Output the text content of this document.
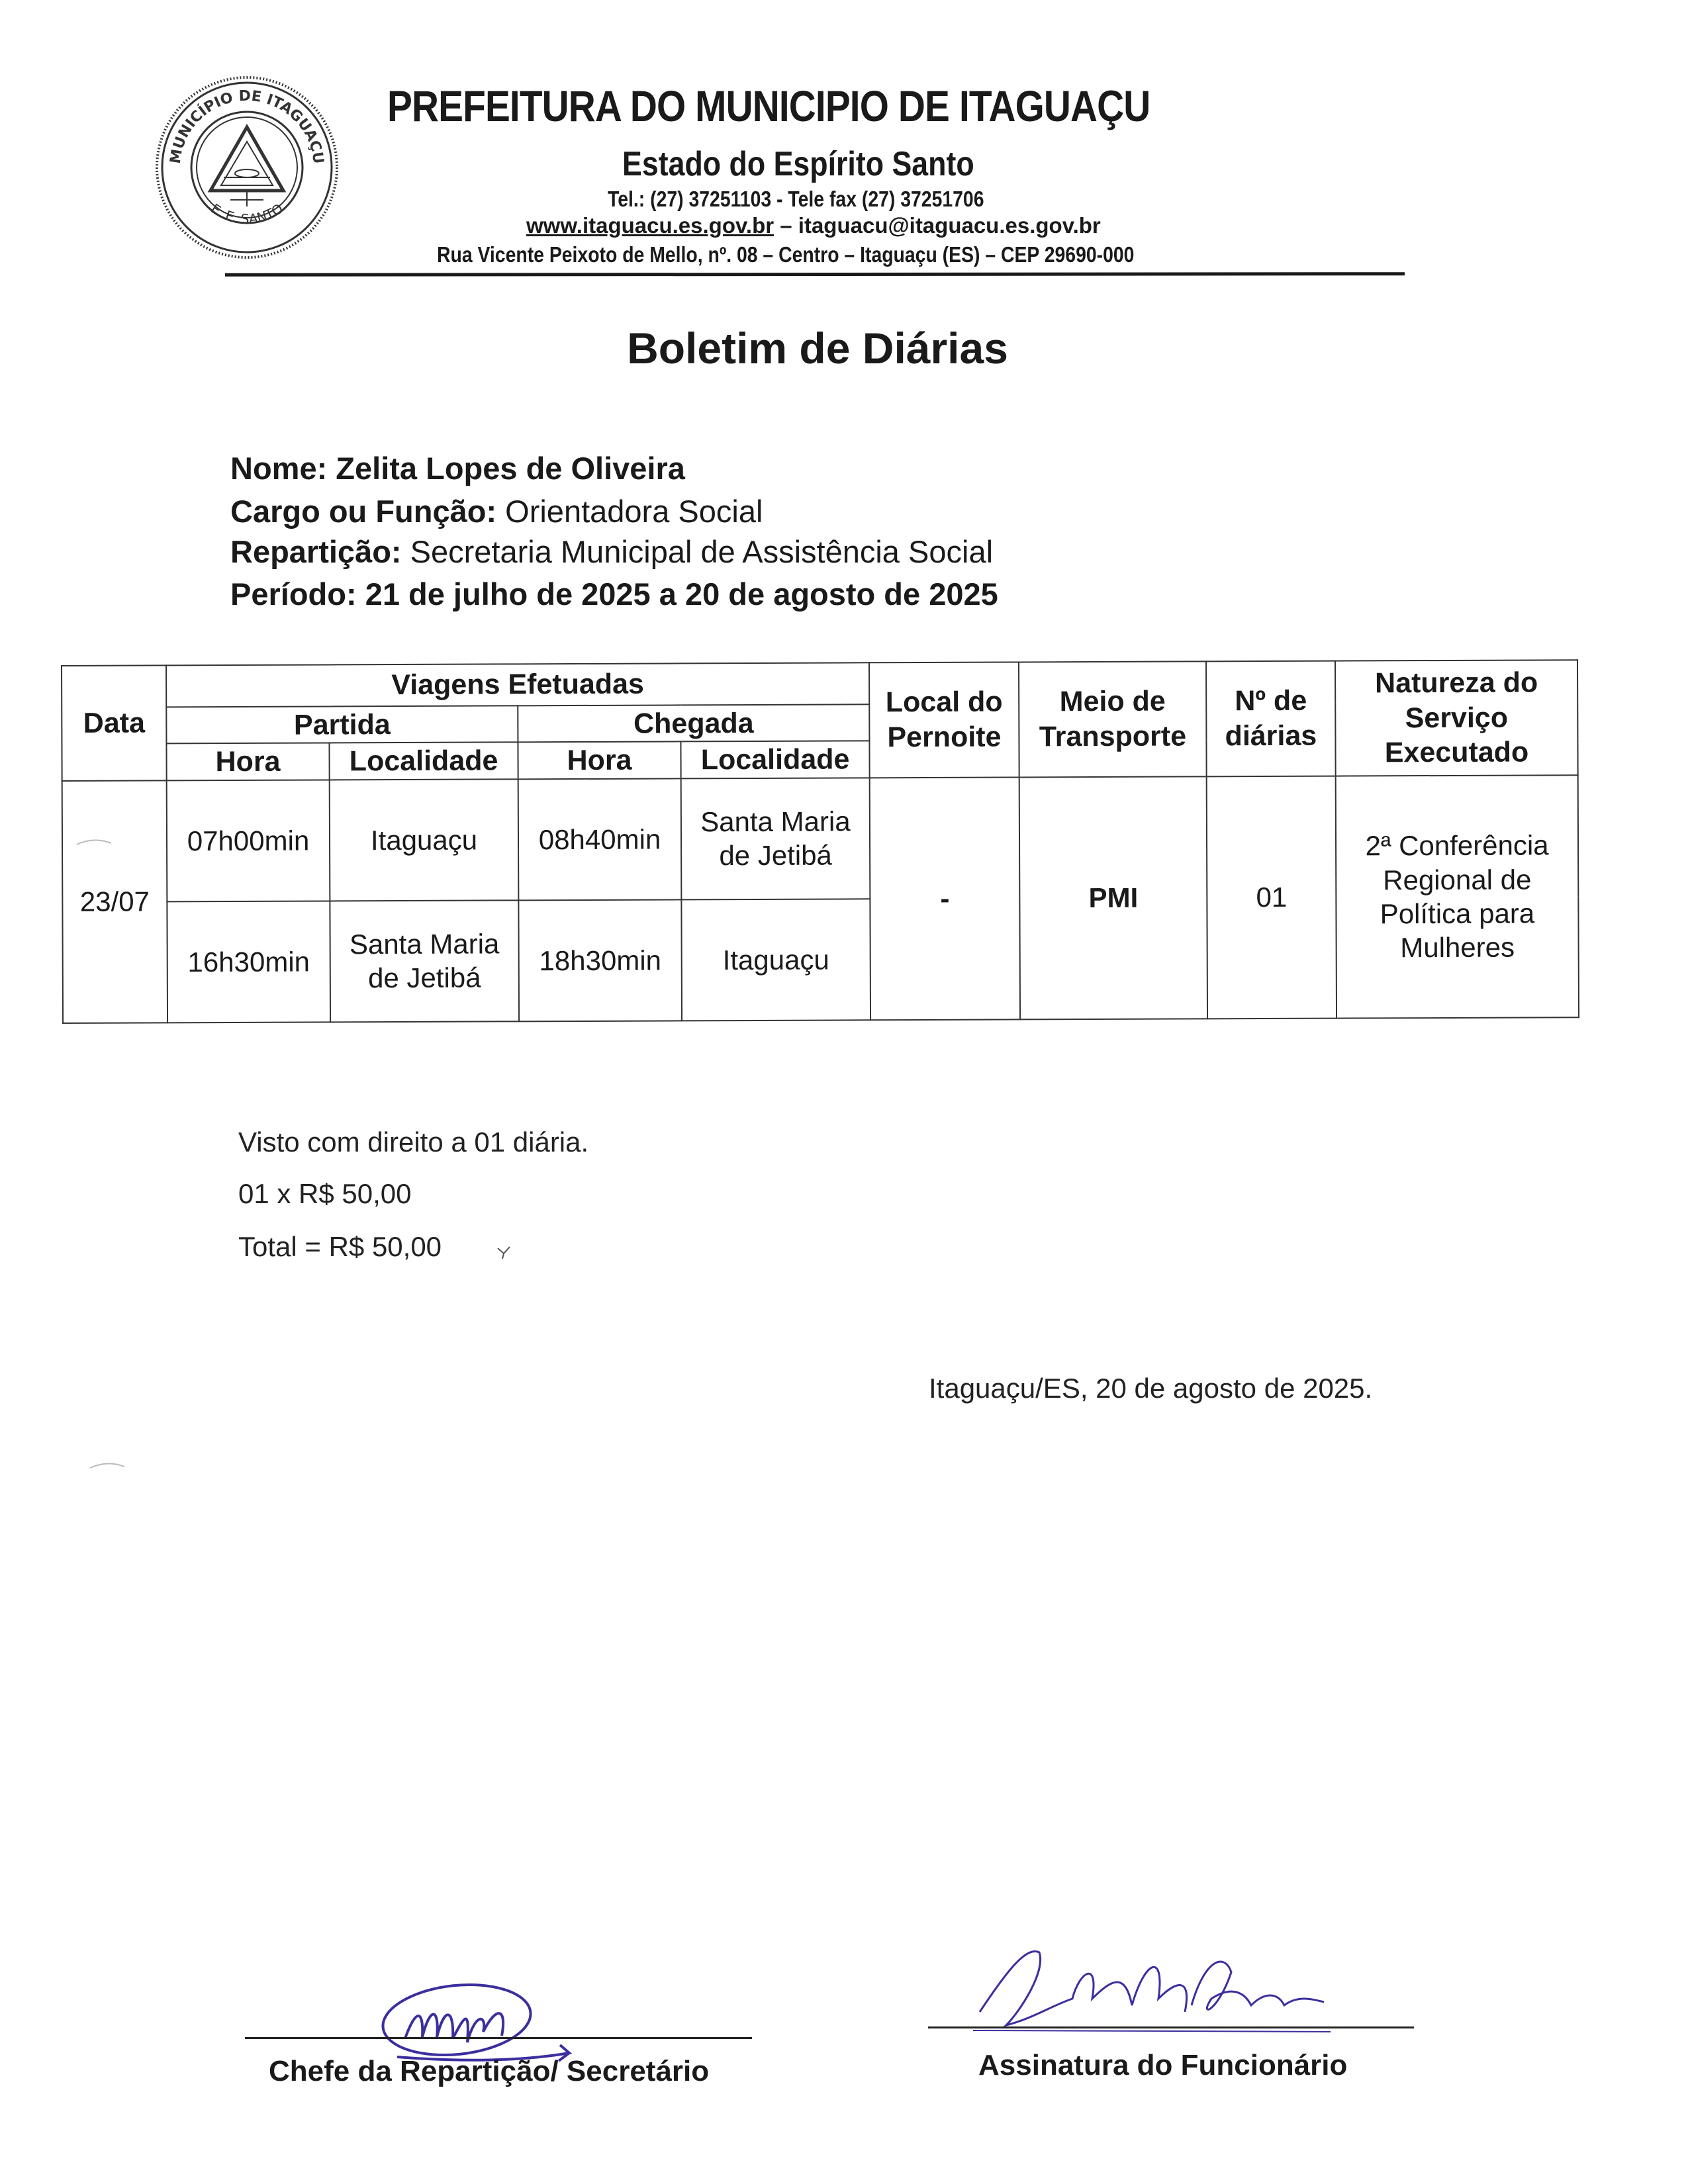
MUNICÍPIO DE ITAGUAÇU
E. E. SANTO
PREFEITURA DO MUNICIPIO DE ITAGUAÇU
Estado do Espírito Santo
Tel.: (27) 37251103 - Tele fax (27) 37251706
www.itaguacu.es.gov.br – itaguacu@itaguacu.es.gov.br
Rua Vicente Peixoto de Mello, nº. 08 – Centro – Itaguaçu (ES) – CEP 29690-000
Boletim de Diárias
Nome: Zelita Lopes de Oliveira
Cargo ou Função: Orientadora Social
Repartição: Secretaria Municipal de Assistência Social
Período: 21 de julho de 2025 a 20 de agosto de 2025
Data	Viagens Efetuadas				Local do Pernoite	Meio de Transporte	Nº de diárias	Natureza do Serviço Executado
	Partida		Chegada					
	Hora	Localidade	Hora	Localidade				
23/07	07h00min	Itaguaçu	08h40min	Santa Maria de Jetibá	-	PMI	01	2ª Conferência Regional de Política para Mulheres
	16h30min	Santa Maria de Jetibá	18h30min	Itaguaçu				
Visto com direito a 01 diária.
01 x R$ 50,00
Total = R$ 50,00
Itaguaçu/ES, 20 de agosto de 2025.
Chefe da Repartição/ Secretário	Assinatura do Funcionário
